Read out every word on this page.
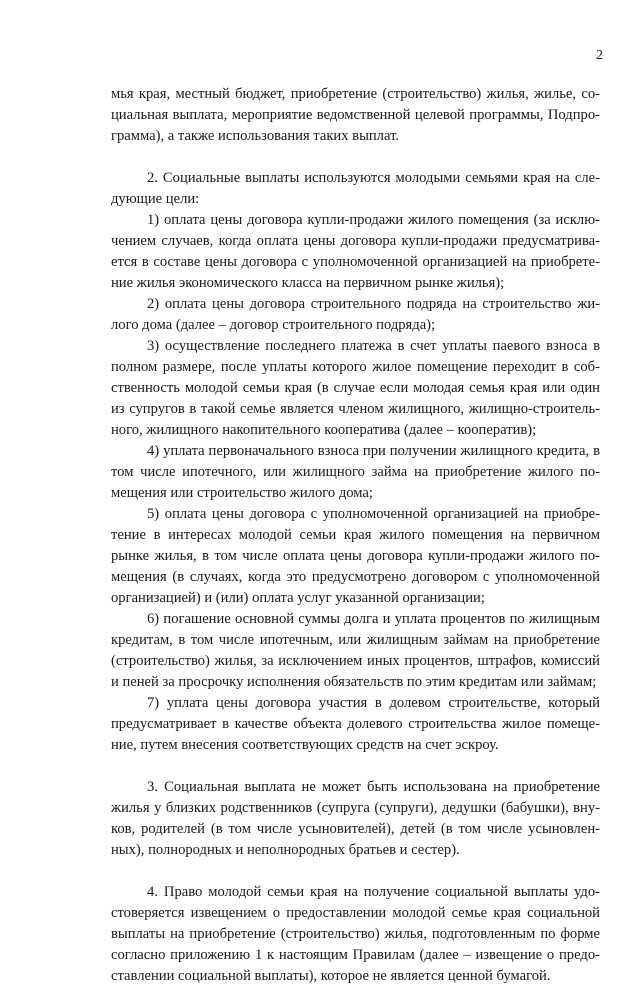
2

мья края, местный бюджет, приобретение (строительство) жилья, жилье, социальная выплата, мероприятие ведомственной целевой программы, Подпрограмма), а также использования таких выплат.

2. Социальные выплаты используются молодыми семьями края на следующие цели:

1) оплата цены договора купли-продажи жилого помещения (за исключением случаев, когда оплата цены договора купли-продажи предусматривается в составе цены договора с уполномоченной организацией на приобретение жилья экономического класса на первичном рынке жилья);

2) оплата цены договора строительного подряда на строительство жилого дома (далее – договор строительного подряда);

3) осуществление последнего платежа в счет уплаты паевого взноса в полном размере, после уплаты которого жилое помещение переходит в собственность молодой семьи края (в случае если молодая семья края или один из супругов в такой семье является членом жилищного, жилищно-строительного, жилищного накопительного кооператива (далее – кооператив);

4) уплата первоначального взноса при получении жилищного кредита, в том числе ипотечного, или жилищного займа на приобретение жилого помещения или строительство жилого дома;

5) оплата цены договора с уполномоченной организацией на приобретение в интересах молодой семьи края жилого помещения на первичном рынке жилья, в том числе оплата цены договора купли-продажи жилого помещения (в случаях, когда это предусмотрено договором с уполномоченной организацией) и (или) оплата услуг указанной организации;

6) погашение основной суммы долга и уплата процентов по жилищным кредитам, в том числе ипотечным, или жилищным займам на приобретение (строительство) жилья, за исключением иных процентов, штрафов, комиссий и пеней за просрочку исполнения обязательств по этим кредитам или займам;

7) уплата цены договора участия в долевом строительстве, который предусматривает в качестве объекта долевого строительства жилое помещение, путем внесения соответствующих средств на счет эскроу.

3. Социальная выплата не может быть использована на приобретение жилья у близких родственников (супруга (супруги), дедушки (бабушки), внуков, родителей (в том числе усыновителей), детей (в том числе усыновленных), полнородных и неполнородных братьев и сестер).

4. Право молодой семьи края на получение социальной выплаты удостоверяется извещением о предоставлении молодой семье края социальной выплаты на приобретение (строительство) жилья, подготовленным по форме согласно приложению 1 к настоящим Правилам (далее – извещение о предоставлении социальной выплаты), которое не является ценной бумагой.
